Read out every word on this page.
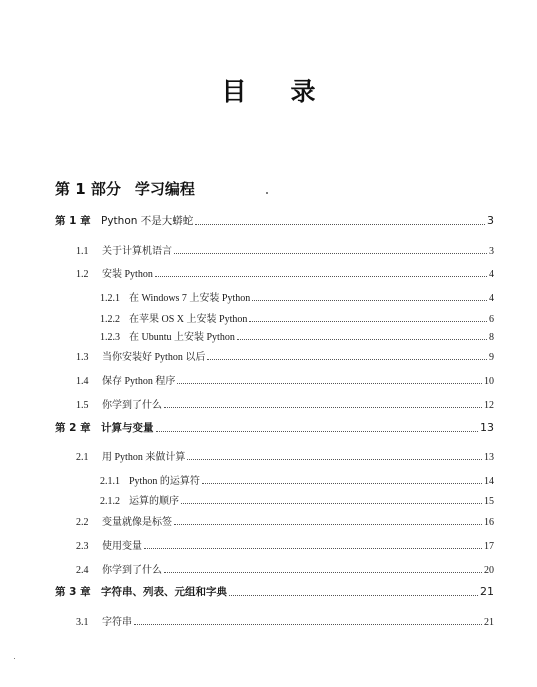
目录
第 1 部分 学习编程
第 1 章 Python 不是大蟒蛇	3
1.1	关于计算机语言	3
1.2	安装 Python	4
1.2.1 在 Windows 7 上安装 Python	4
1.2.2 在苹果 OS X 上安装 Python	6
1.2.3 在 Ubuntu 上安装 Python	8
1.3	当你安装好 Python 以后	9
1.4	保存 Python 程序	10
1.5	你学到了什么	12
第 2 章 计算与变量	13
2.1	用 Python 来做计算	13
2.1.1 Python 的运算符	14
2.1.2 运算的顺序	15
2.2	变量就像是标签	16
2.3	使用变量	17
2.4	你学到了什么	20
第 3 章 字符串、列表、元组和字典	21
3.1	字符串	21
